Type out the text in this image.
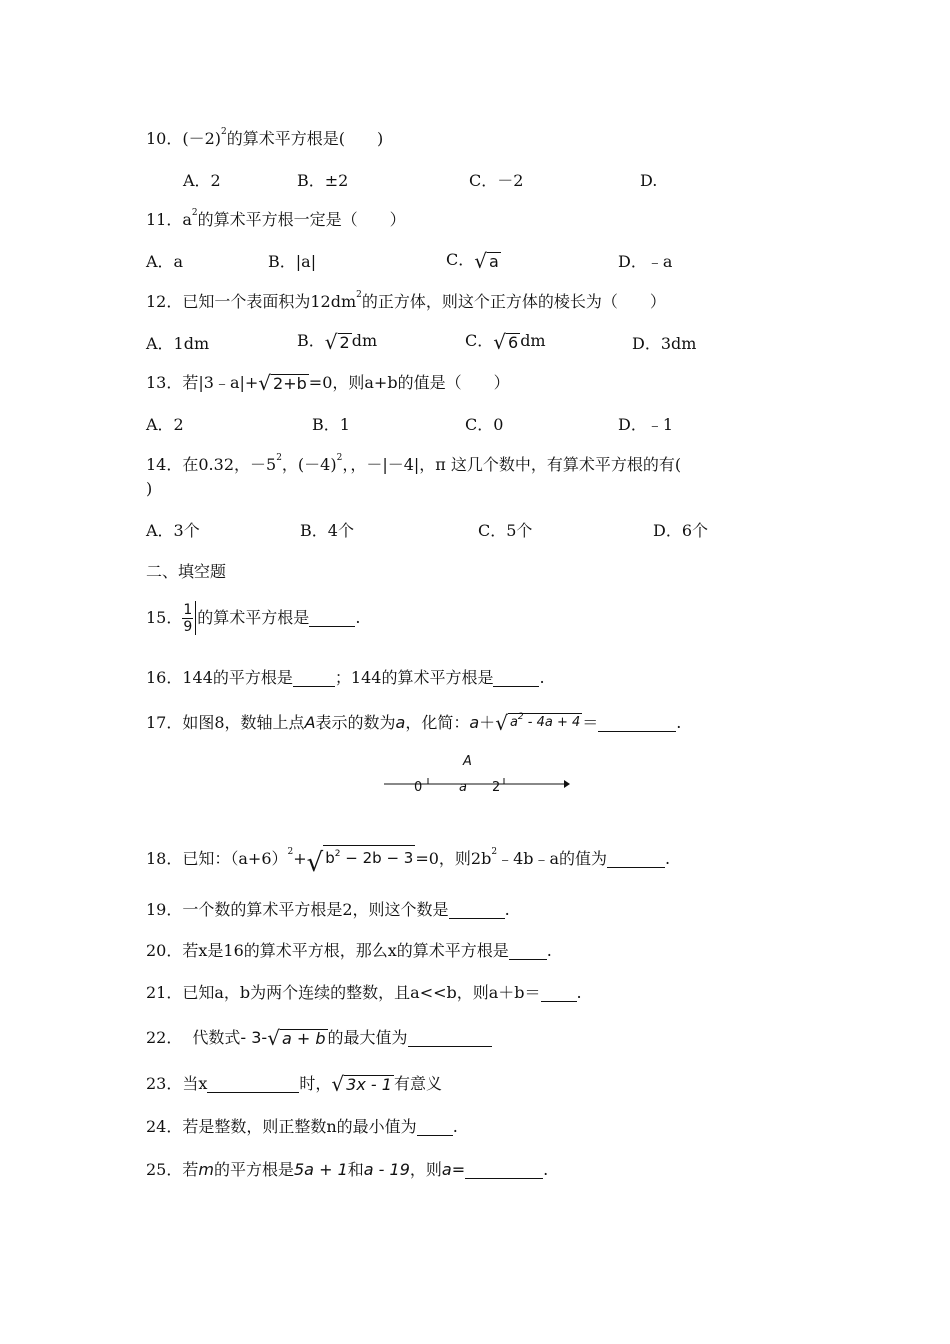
10． (－2) 2 的算术平方根是(　　)
A．2	B．±2	C．－2	D.
11． a 2 的算术平方根一定是（　　）
A．a	B．|a|	C． √ a	D．﹣a
12． 已知一个表面积为12dm 2 的正方体，则这个正方体的棱长为（　　）
A．1dm	B． √ 2 dm	C． √ 6 dm	D．3dm
13． 若|3﹣a|+ √ 2+b =0，则a+b的值是（　　）
A．2	B．1	C．0	D．﹣1
14． 在0.32，－5 2 ，(－4) 2 ，，－|－4|，π 这几个数中，有算术平方根的有(
)
A．3个	B．4个	C．5个	D．6个
二、填空题
15． $\frac{1}{9}$ 的算术平方根是	.
16． 144的平方根是	；144的算术平方根是	.
17． 如图8，数轴上点 A 表示的数为 a ，化简： a ＋ √ $a^2 - 4a + 4$ ＝	.
A
0	a 2
18． 已知：（a+6） 2 + √ $b^2 - 2b - 3 =0$，则2b 2 ﹣4b﹣a的值为	.
19． 一个数的算术平方根是2，则这个数是	.
20． 若x是16的算术平方根，那么x的算术平方根是 .
21． 已知a，b为两个连续的整数，且a<<b，则a＋b＝ .
22． 代数式 - 3- √ a + b 的最大值为
23． 当x	时， √ 3x - 1 有意义
24． 若是整数，则正整数n的最小值为 .
25． 若 m 的平方根是 5a + 1 和 a - 19 ，则 a =	.
